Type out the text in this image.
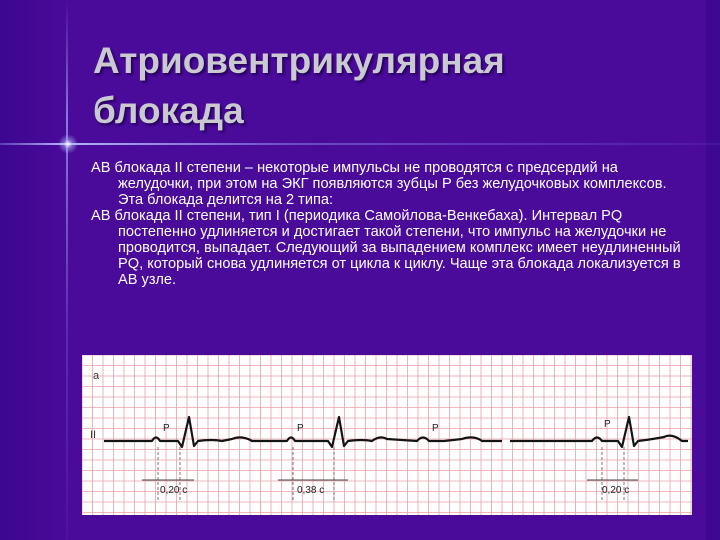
Атриовентрикулярная
блокада

АВ блокада II степени – некоторые импульсы не проводятся с предсердий на желудочки, при этом на ЭКГ появляются зубцы Р без желудочковых комплексов. Эта блокада делится на 2 типа:

АВ блокада II степени, тип I (периодика Самойлова-Венкебаха). Интервал PQ постепенно удлиняется и достигает такой степени, что импульс на желудочки не проводится, выпадает. Следующий за выпадением комплекс имеет неудлиненный PQ, который снова удлиняется от цикла к циклу. Чаще эта блокада локализуется в АВ узле.

а
II
P	P	P	P
0,20 с	0,38 с	0,20 с
